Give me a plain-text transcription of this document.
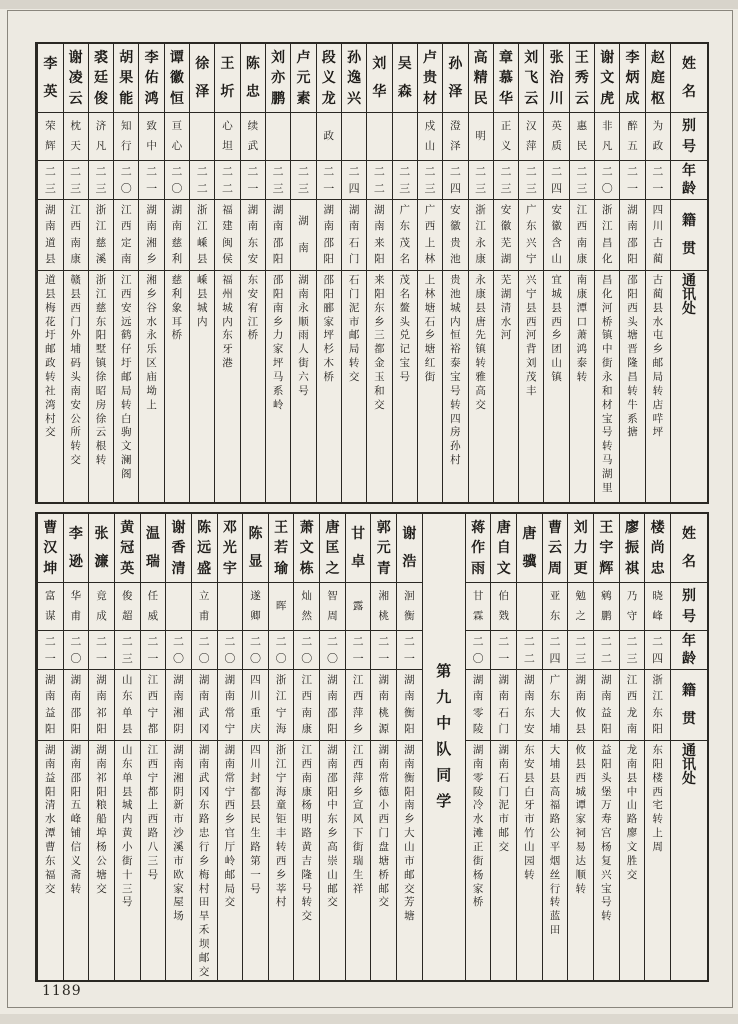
姓
名
别
号
年
龄
籍
贯
通
讯
处
赵
庭
枢
为
政
二
一
四
川
古
蔺
古
蔺
县
水
屯
乡
邮
局
转
店
哶
坪
李
炳
成
醉
五
二
一
湖
南
邵
阳
邵
阳
西
头
塘
晋
隆
昌
转
牛
系
搪
谢
文
虎
非
凡
二
〇
浙
江
昌
化
昌
化
河
桥
镇
中
街
永
和
材
宝
号
转
马
湖
里
王
秀
云
惠
民
二
三
江
西
南
康
南
康
潭
口
萧
鸿
泰
转
张
治
川
英
质
二
四
安
徽
含
山
宜
城
县
西
乡
团
山
镇
刘
飞
云
汉
萍
二
三
广
东
兴
宁
兴
宁
县
西
河
背
刘
茂
丰
章
慕
华
正
义
二
三
安
徽
芜
湖
芜
湖
清
水
河
高
精
民
明
二
三
浙
江
永
康
永
康
县
唐
先
镇
转
雅
高
交
孙
泽
澄
泽
二
四
安
徽
贵
池
贵
池
城
内
恒
裕
泰
宝
号
转
四
房
孙
村
卢
贵
材
戍
山
二
三
广
西
上
林
上
林
塘
石
乡
塘
红
街
吴
森
二
三
广
东
茂
名
茂
名
鳌
头
兑
记
宝
号
刘
华
二
二
湖
南
来
阳
来
阳
东
乡
三
都
金
玉
和
交
孙
逸
兴
二
四
湖
南
石
门
石
门
泥
市
邮
局
转
交
段
义
龙
政
二
一
湖
南
邵
阳
邵
阳
郦
家
坪
杉
木
桥
卢
元
素
二
三
湖
南
湖
南
永
顺
雨
人
街
六
号
刘
亦
鹏
二
三
湖
南
邵
阳
邵
阳
南
乡
力
家
坪
马
系
岭
陈
忠
续
武
二
一
湖
南
东
安
东
安
宥
江
桥
王
圻
心
坦
二
二
福
建
闽
侯
福
州
城
内
东
牙
港
徐
泽
二
二
浙
江
嵊
县
嵊
县
城
内
谭
徽
恒
亘
心
二
〇
湖
南
慈
利
慈
利
象
耳
桥
李
佑
鸿
致
中
二
一
湖
南
湘
乡
湘
乡
谷
水
永
乐
区
庙
坳
上
胡
果
能
知
行
二
〇
江
西
定
南
江
西
安
远
鹤
仔
圩
邮
局
转
白
驹
文
澜
阁
裘
廷
俊
济
凡
二
三
浙
江
慈
溪
浙
江
慈
东
阳
墅
镇
徐
昭
房
徐
云
根
转
谢
凌
云
枕
天
二
三
江
西
南
康
赣
县
西
门
外
埔
码
头
南
安
公
所
转
交
李
英
荣
辉
二
三
湖
南
道
县
道
县
梅
花
圩
邮
政
转
社
湾
村
交
姓
名
别
号
年
龄
籍
贯
通
讯
处
楼
尚
忠
晓
峰
二
四
浙
江
东
阳
东
阳
楼
西
宅
转
上
周
廖
振
祺
乃
守
二
三
江
西
龙
南
龙
南
县
中
山
路
廖
文
胜
交
王
宇
辉
鹓
鹏
二
二
湖
南
益
阳
益
阳
头
堡
万
寿
宫
杨
复
兴
宝
号
转
刘
力
更
勉
之
二
三
湖
南
攸
县
攸
县
西
城
谭
家
祠
易
达
顺
转
曹
云
周
亚
东
二
四
广
东
大
埔
大
埔
县
高
福
路
公
平
烟
丝
行
转
蓝
田
唐
骥
二
二
湖
南
东
安
东
安
县
白
牙
市
竹
山
园
转
唐
自
文
伯
戣
二
一
湖
南
石
门
湖
南
石
门
泥
市
邮
交
蒋
作
雨
甘
霖
二
〇
湖
南
零
陵
湖
南
零
陵
冷
水
滩
正
街
杨
家
桥
第
九
中
队
同
学
谢
浩
洄
衡
二
一
湖
南
衡
阳
湖
南
衡
阳
南
乡
大
山
市
邮
交
芳
塘
郭
元
青
湘
桃
二
一
湖
南
桃
源
湖
南
常
德
小
西
门
盘
塘
桥
邮
交
甘
卓
露
二
一
江
西
萍
乡
江
西
萍
乡
宣
风
下
街
瑞
生
祥
唐
匡
之
智
周
二
〇
湖
南
邵
阳
湖
南
邵
阳
中
东
乡
高
崇
山
邮
交
萧
文
栋
灿
然
二
〇
江
西
南
康
江
西
南
康
杨
明
路
黄
吉
隆
号
转
交
王
若
瑜
晖
二
〇
浙
江
宁
海
浙
江
宁
海
童
钜
丰
转
西
乡
莘
村
陈
显
遂
卿
二
〇
四
川
重
庆
四
川
封
都
县
民
生
路
第
一
号
邓
光
宇
二
〇
湖
南
常
宁
湖
南
常
宁
西
乡
官
厅
岭
邮
局
交
陈
远
盛
立
甫
二
〇
湖
南
武
冈
湖
南
武
冈
东
路
忠
行
乡
梅
村
田
旱
禾
坝
邮
交
谢
香
清
二
〇
湖
南
湘
阴
湖
南
湘
阴
新
市
沙
溪
市
欧
家
屋
场
温
瑞
任
威
二
一
江
西
宁
都
江
西
宁
都
上
西
路
八
三
号
黄
冠
英
俊
超
二
三
山
东
单
县
山
东
单
县
城
内
黄
小
街
十
三
号
张
濂
竟
成
二
一
湖
南
祁
阳
湖
南
祁
阳
粮
船
埠
杨
公
塘
交
李
逊
华
甫
二
〇
湖
南
邵
阳
湖
南
邵
阳
五
峰
铺
信
义
斋
转
曹
汉
坤
富
谋
二
一
湖
南
益
阳
湖
南
益
阳
清
水
潭
曹
东
福
交
1189
